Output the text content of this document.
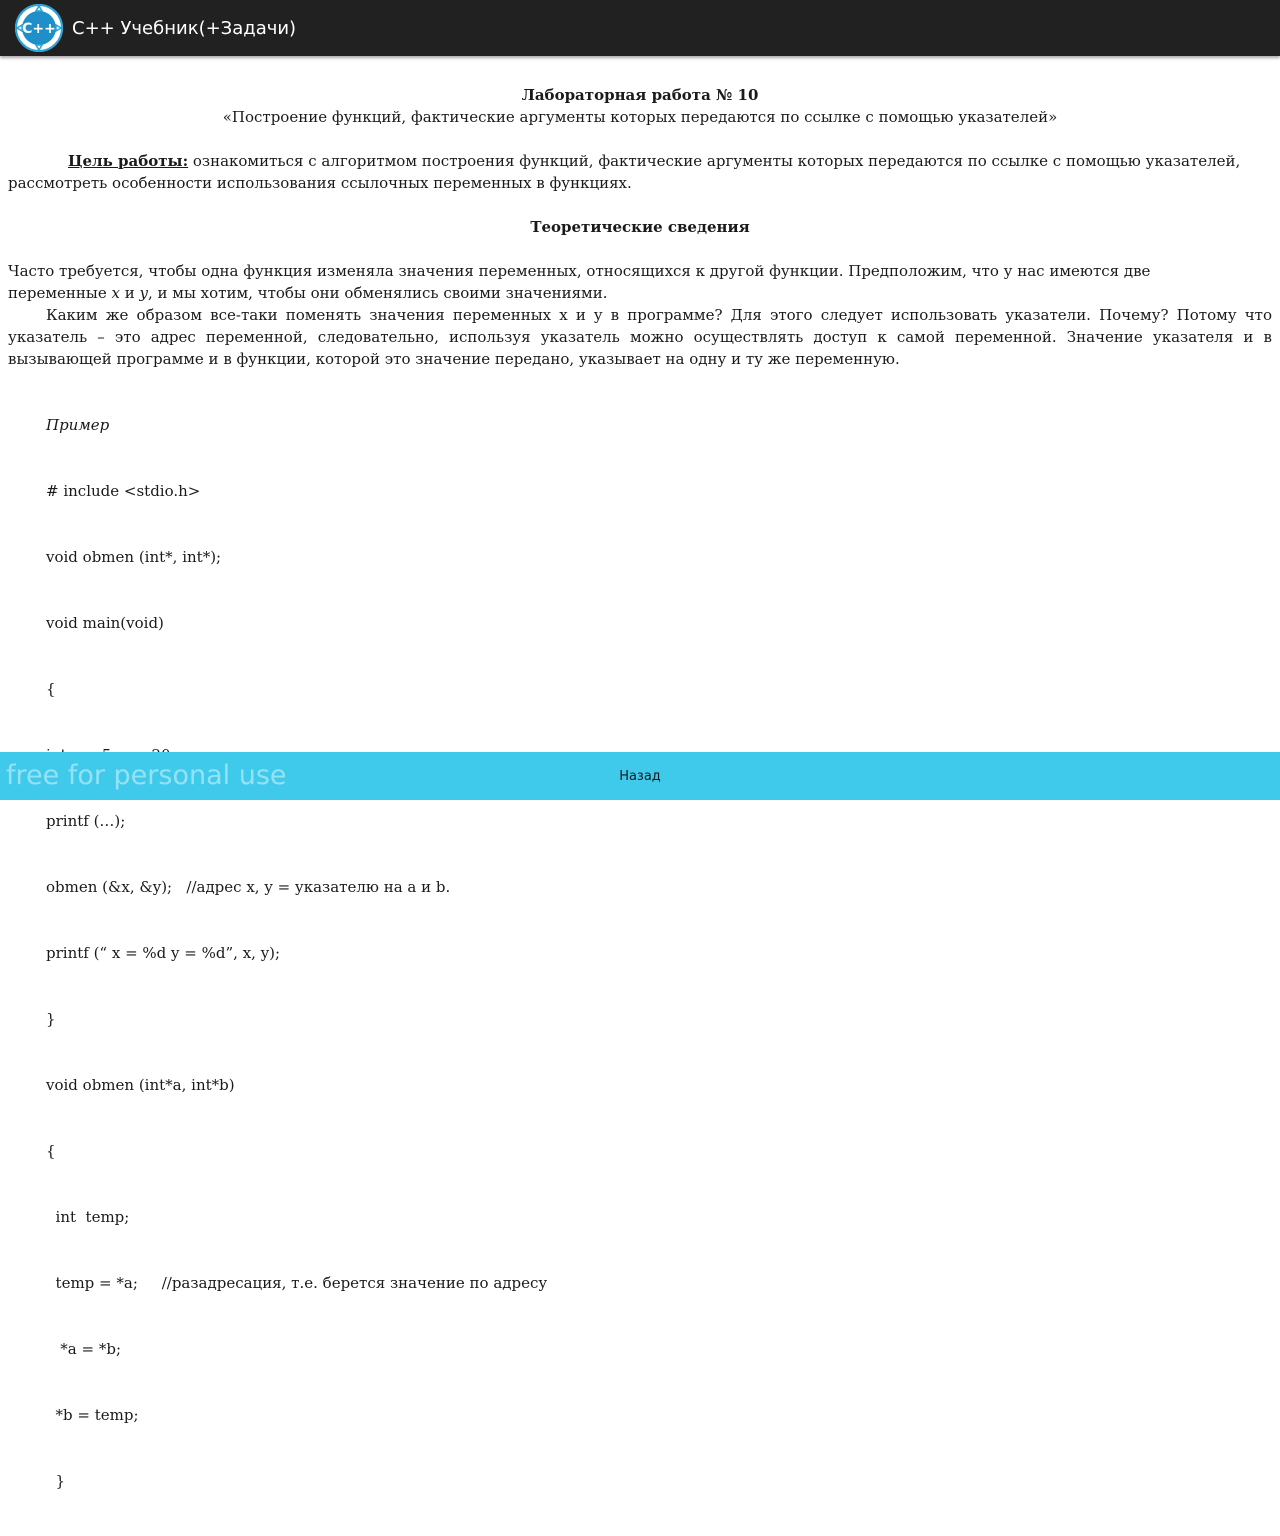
C++ C++ Учебник(+Задачи)
Лабораторная работа № 10
«Построение функций, фактические аргументы которых передаются по ссылке с помощью указателей»
Цель работы: ознакомиться с алгоритмом построения функций, фактические аргументы которых передаются по ссылке с помощью указателей,
рассмотреть особенности использования ссылочных переменных в функциях.
Теоретические сведения
Часто требуется, чтобы одна функция изменяла значения переменных, относящихся к другой функции. Предположим, что у нас имеются две
переменные x и y, и мы хотим, чтобы они обменялись своими значениями.
Каким же образом все-таки поменять значения переменных x и y в программе? Для этого следует использовать указатели. Почему? Потому что указатель – это адрес переменной, следовательно, используя указатель можно осуществлять доступ к самой переменной. Значение указателя и в вызывающей программе и в функции, которой это значение передано, указывает на одну и ту же переменную.

Пример

# include <stdio.h>

void obmen (int*, int*);

void main(void)

{

printf (…);

obmen (&x, &y);   //адрес x, y = указателю на a и b.

printf (“ x = %d y = %d”, x, y);

}

void obmen (int*a, int*b)

{

int  temp;

temp = *a;     //разадресация, т.е. берется значение по адресу

*a = *b;

*b = temp;

}

free for personal use	Назад
